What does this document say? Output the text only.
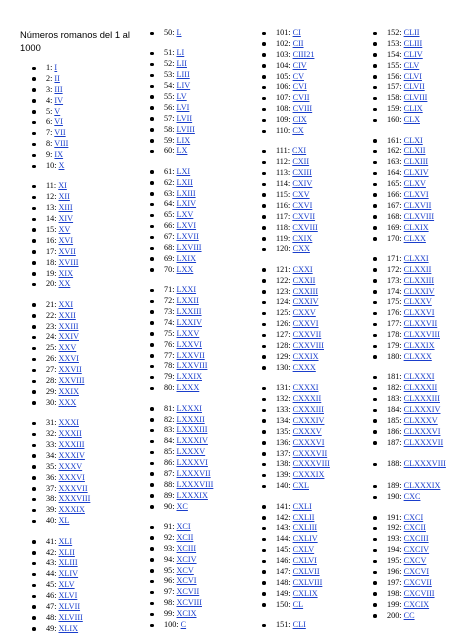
Números romanos del 1 al 1000
1: I
2: II
3: III
4: IV
5: V
6: VI
7: VII
8: VIII
9: IX
10: X
11: XI
12: XII
13: XIII
14: XIV
15: XV
16: XVI
17: XVII
18: XVIII
19: XIX
20: XX
21: XXI
22: XXII
23: XXIII
24: XXIV
25: XXV
26: XXVI
27: XXVII
28: XXVIII
29: XXIX
30: XXX
31: XXXI
32: XXXII
33: XXXIII
34: XXXIV
35: XXXV
36: XXXVI
37: XXXVII
38: XXXVIII
39: XXXIX
40: XL
41: XLI
42: XLII
43: XLIII
44: XLIV
45: XLV
46: XLVI
47: XLVII
48: XLVIII
49: XLIX
50: L
51: LI
52: LII
53: LIII
54: LIV
55: LV
56: LVI
57: LVII
58: LVIII
59: LIX
60: LX
61: LXI
62: LXII
63: LXIII
64: LXIV
65: LXV
66: LXVI
67: LXVII
68: LXVIII
69: LXIX
70: LXX
71: LXXI
72: LXXII
73: LXXIII
74: LXXIV
75: LXXV
76: LXXVI
77: LXXVII
78: LXXVIII
79: LXXIX
80: LXXX
81: LXXXI
82: LXXXII
83: LXXXIII
84: LXXXIV
85: LXXXV
86: LXXXVI
87: LXXXVII
88: LXXXVIII
89: LXXXIX
90: XC
91: XCI
92: XCII
93: XCIII
94: XCIV
95: XCV
96: XCVI
97: XCVII
98: XCVIII
99: XCIX
100: C
101: CI
102: CII
103: CIII21
104: CIV
105: CV
106: CVI
107: CVII
108: CVIII
109: CIX
110: CX
111: CXI
112: CXII
113: CXIII
114: CXIV
115: CXV
116: CXVI
117: CXVII
118: CXVIII
119: CXIX
120: CXX
121: CXXI
122: CXXII
123: CXXIII
124: CXXIV
125: CXXV
126: CXXVI
127: CXXVII
128: CXXVIII
129: CXXIX
130: CXXX
131: CXXXI
132: CXXXII
133: CXXXIII
134: CXXXIV
135: CXXXV
136: CXXXVI
137: CXXXVII
138: CXXXVIII
139: CXXXIX
140: CXL
141: CXLI
142: CXLII
143: CXLIII
144: CXLIV
145: CXLV
146: CXLVI
147: CXLVII
148: CXLVIII
149: CXLIX
150: CL
151: CLI
152: CLII
153: CLIII
154: CLIV
155: CLV
156: CLVI
157: CLVII
158: CLVIII
159: CLIX
160: CLX
161: CLXI
162: CLXII
163: CLXIII
164: CLXIV
165: CLXV
166: CLXVI
167: CLXVII
168: CLXVIII
169: CLXIX
170: CLXX
171: CLXXI
172: CLXXII
173: CLXXIII
174: CLXXIV
175: CLXXV
176: CLXXVI
177: CLXXVII
178: CLXXVIII
179: CLXXIX
180: CLXXX
181: CLXXXI
182: CLXXXII
183: CLXXXIII
184: CLXXXIV
185: CLXXXV
186: CLXXXVI
187: CLXXXVII
188: CLXXXVIII
189: CLXXXIX
190: CXC
191: CXCI
192: CXCII
193: CXCIII
194: CXCIV
195: CXCV
196: CXCVI
197: CXCVII
198: CXCVIII
199: CXCIX
200: CC
